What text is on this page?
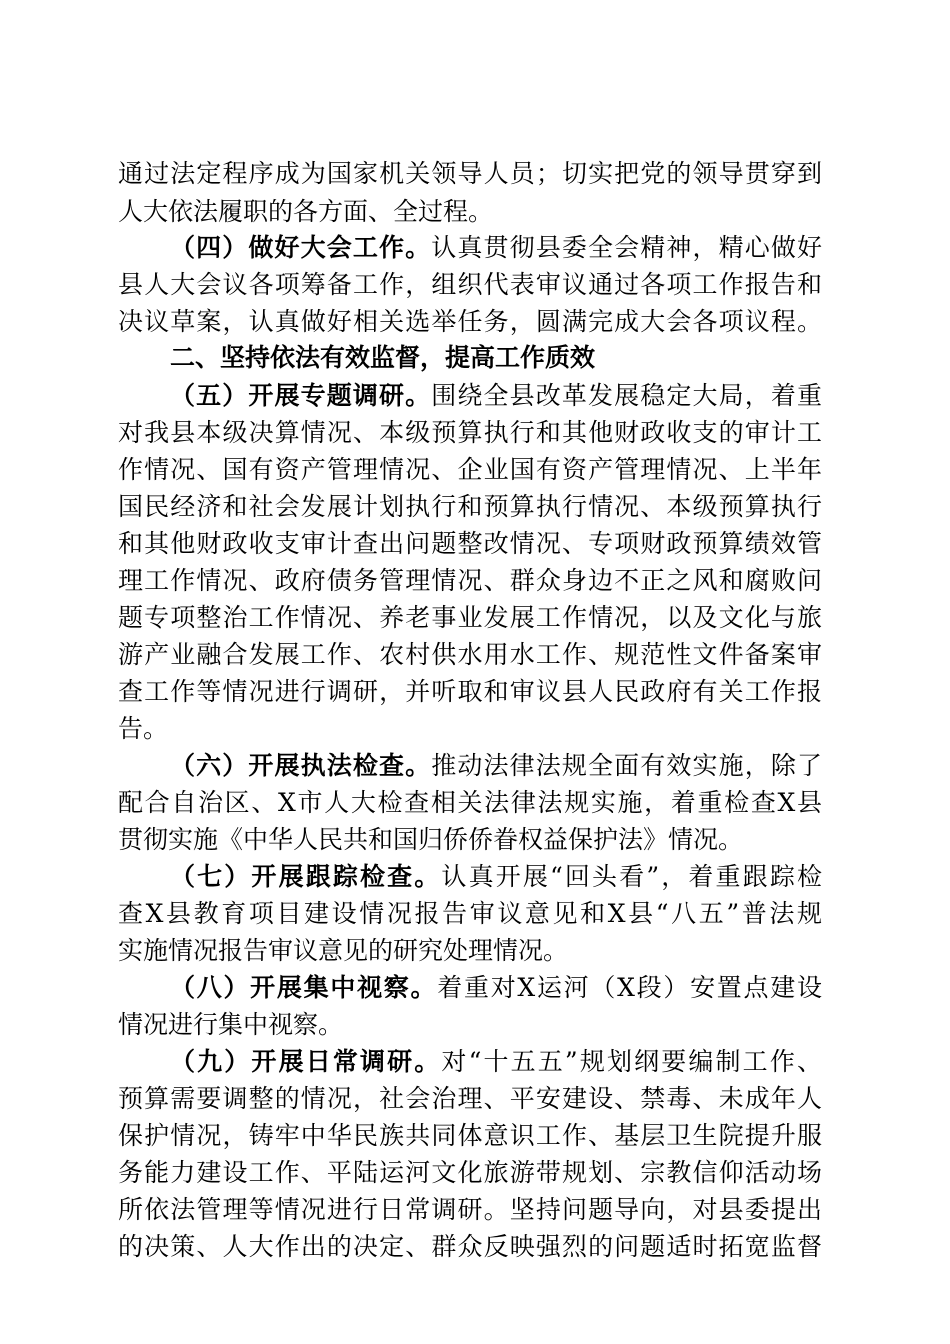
通过法定程序成为国家机关领导人员；切实把党的领导贯穿到
人大依法履职的各方面、全过程。
（四）做好大会工作。认真贯彻县委全会精神，精心做好
县人大会议各项筹备工作，组织代表审议通过各项工作报告和
决议草案，认真做好相关选举任务，圆满完成大会各项议程。
二、坚持依法有效监督，提高工作质效
（五）开展专题调研。围绕全县改革发展稳定大局，着重
对我县本级决算情况、本级预算执行和其他财政收支的审计工
作情况、国有资产管理情况、企业国有资产管理情况、上半年
国民经济和社会发展计划执行和预算执行情况、本级预算执行
和其他财政收支审计查出问题整改情况、专项财政预算绩效管
理工作情况、政府债务管理情况、群众身边不正之风和腐败问
题专项整治工作情况、养老事业发展工作情况，以及文化与旅
游产业融合发展工作、农村供水用水工作、规范性文件备案审
查工作等情况进行调研，并听取和审议县人民政府有关工作报
告。
（六）开展执法检查。推动法律法规全面有效实施，除了
配合自治区、X市人大检查相关法律法规实施，着重检查X县
贯彻实施《中华人民共和国归侨侨眷权益保护法》情况。
（七）开展跟踪检查。认真开展“回头看”，着重跟踪检
查X县教育项目建设情况报告审议意见和X县“八五”普法规
实施情况报告审议意见的研究处理情况。
（八）开展集中视察。着重对X运河（X段）安置点建设
情况进行集中视察。
（九）开展日常调研。对“十五五”规划纲要编制工作、
预算需要调整的情况，社会治理、平安建设、禁毒、未成年人
保护情况，铸牢中华民族共同体意识工作、基层卫生院提升服
务能力建设工作、平陆运河文化旅游带规划、宗教信仰活动场
所依法管理等情况进行日常调研。坚持问题导向，对县委提出
的决策、人大作出的决定、群众反映强烈的问题适时拓宽监督
